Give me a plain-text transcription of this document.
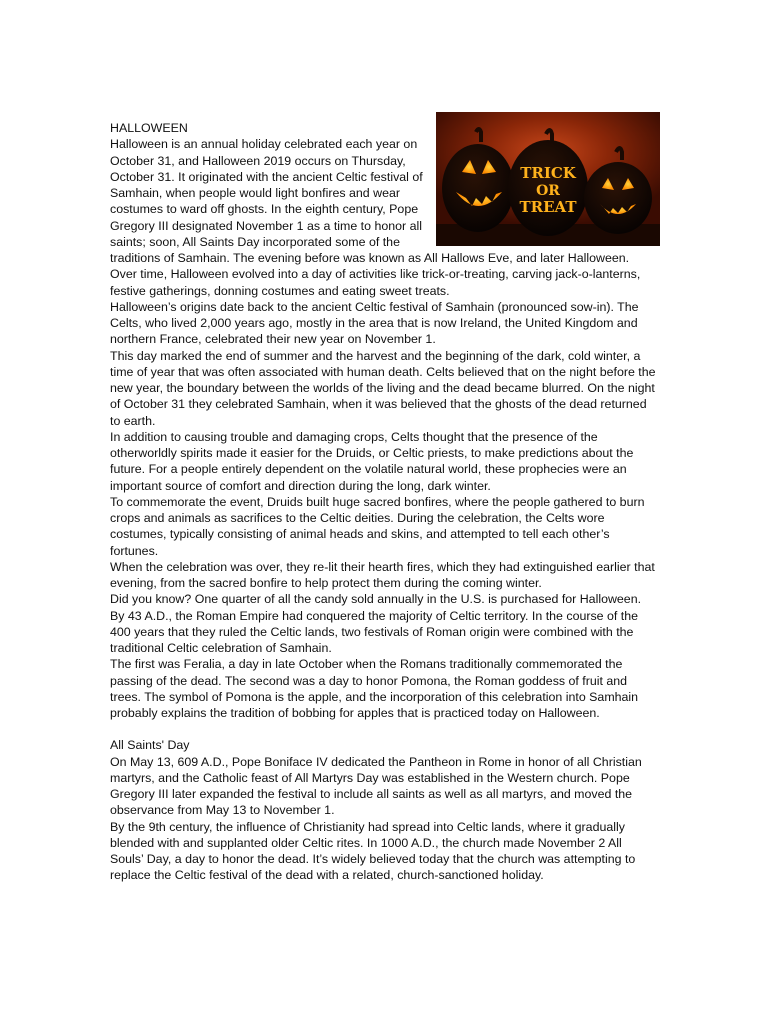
TRICK
OR
TREAT

HALLOWEEN

Halloween is an annual holiday celebrated each year on October 31, and Halloween 2019 occurs on Thursday, October 31. It originated with the ancient Celtic festival of Samhain, when people would light bonfires and wear costumes to ward off ghosts. In the eighth century, Pope Gregory III designated November 1 as a time to honor all saints; soon, All Saints Day incorporated some of the traditions of Samhain. The evening before was known as All Hallows Eve, and later Halloween. Over time, Halloween evolved into a day of activities like trick-or-treating, carving jack-o-lanterns, festive gatherings, donning costumes and eating sweet treats.

Halloween’s origins date back to the ancient Celtic festival of Samhain (pronounced sow-in). The Celts, who lived 2,000 years ago, mostly in the area that is now Ireland, the United Kingdom and northern France, celebrated their new year on November 1.

This day marked the end of summer and the harvest and the beginning of the dark, cold winter, a time of year that was often associated with human death. Celts believed that on the night before the new year, the boundary between the worlds of the living and the dead became blurred. On the night of October 31 they celebrated Samhain, when it was believed that the ghosts of the dead returned to earth.

In addition to causing trouble and damaging crops, Celts thought that the presence of the otherworldly spirits made it easier for the Druids, or Celtic priests, to make predictions about the future. For a people entirely dependent on the volatile natural world, these prophecies were an important source of comfort and direction during the long, dark winter.

To commemorate the event, Druids built huge sacred bonfires, where the people gathered to burn crops and animals as sacrifices to the Celtic deities. During the celebration, the Celts wore costumes, typically consisting of animal heads and skins, and attempted to tell each other’s fortunes.

When the celebration was over, they re-lit their hearth fires, which they had extinguished earlier that evening, from the sacred bonfire to help protect them during the coming winter.

Did you know? One quarter of all the candy sold annually in the U.S. is purchased for Halloween.

By 43 A.D., the Roman Empire had conquered the majority of Celtic territory. In the course of the 400 years that they ruled the Celtic lands, two festivals of Roman origin were combined with the traditional Celtic celebration of Samhain.

The first was Feralia, a day in late October when the Romans traditionally commemorated the passing of the dead. The second was a day to honor Pomona, the Roman goddess of fruit and trees. The symbol of Pomona is the apple, and the incorporation of this celebration into Samhain probably explains the tradition of bobbing for apples that is practiced today on Halloween.

All Saints' Day

On May 13, 609 A.D., Pope Boniface IV dedicated the Pantheon in Rome in honor of all Christian martyrs, and the Catholic feast of All Martyrs Day was established in the Western church. Pope Gregory III later expanded the festival to include all saints as well as all martyrs, and moved the observance from May 13 to November 1.

By the 9th century, the influence of Christianity had spread into Celtic lands, where it gradually blended with and supplanted older Celtic rites. In 1000 A.D., the church made November 2 All Souls’ Day, a day to honor the dead. It’s widely believed today that the church was attempting to replace the Celtic festival of the dead with a related, church-sanctioned holiday.
